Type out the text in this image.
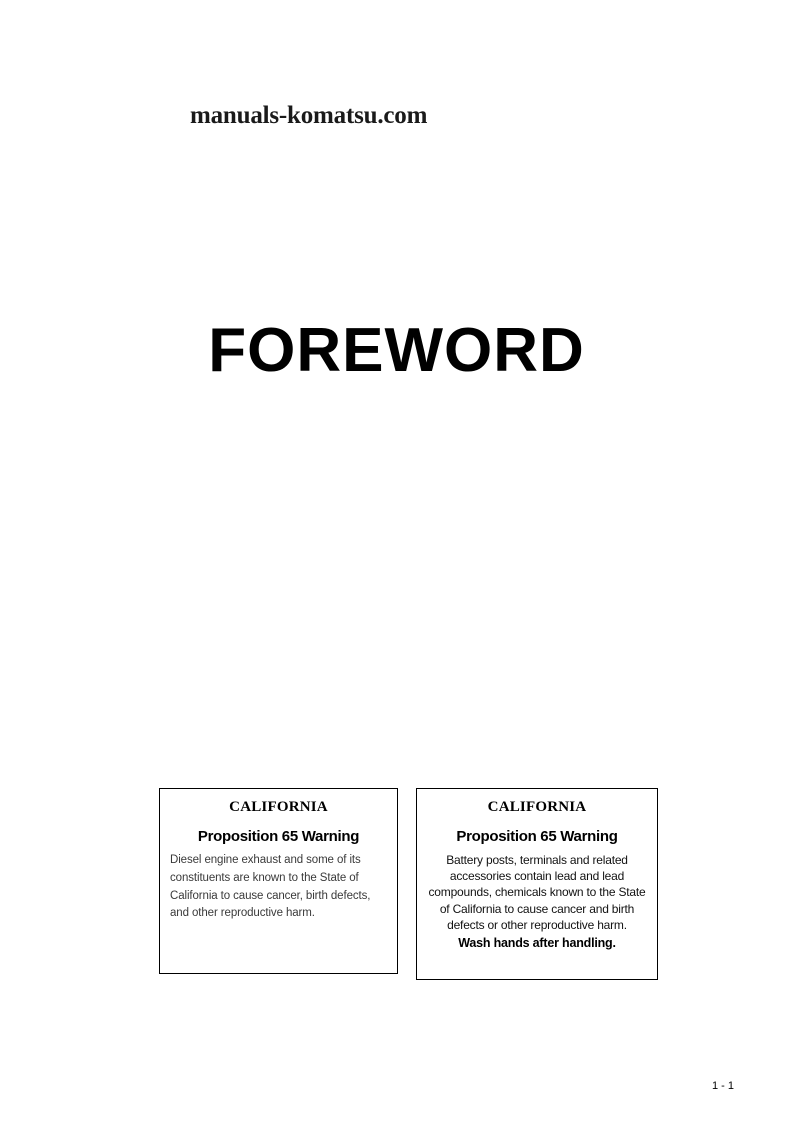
manuals-komatsu.com
FOREWORD
CALIFORNIA
Proposition 65 Warning
Diesel engine exhaust and some of its constituents are known to the State of California to cause cancer, birth defects, and other reproductive harm.
CALIFORNIA
Proposition 65 Warning
Battery posts, terminals and related accessories contain lead and lead compounds, chemicals known to the State of California to cause cancer and birth defects or other reproductive harm.
Wash hands after handling.
1 - 1
